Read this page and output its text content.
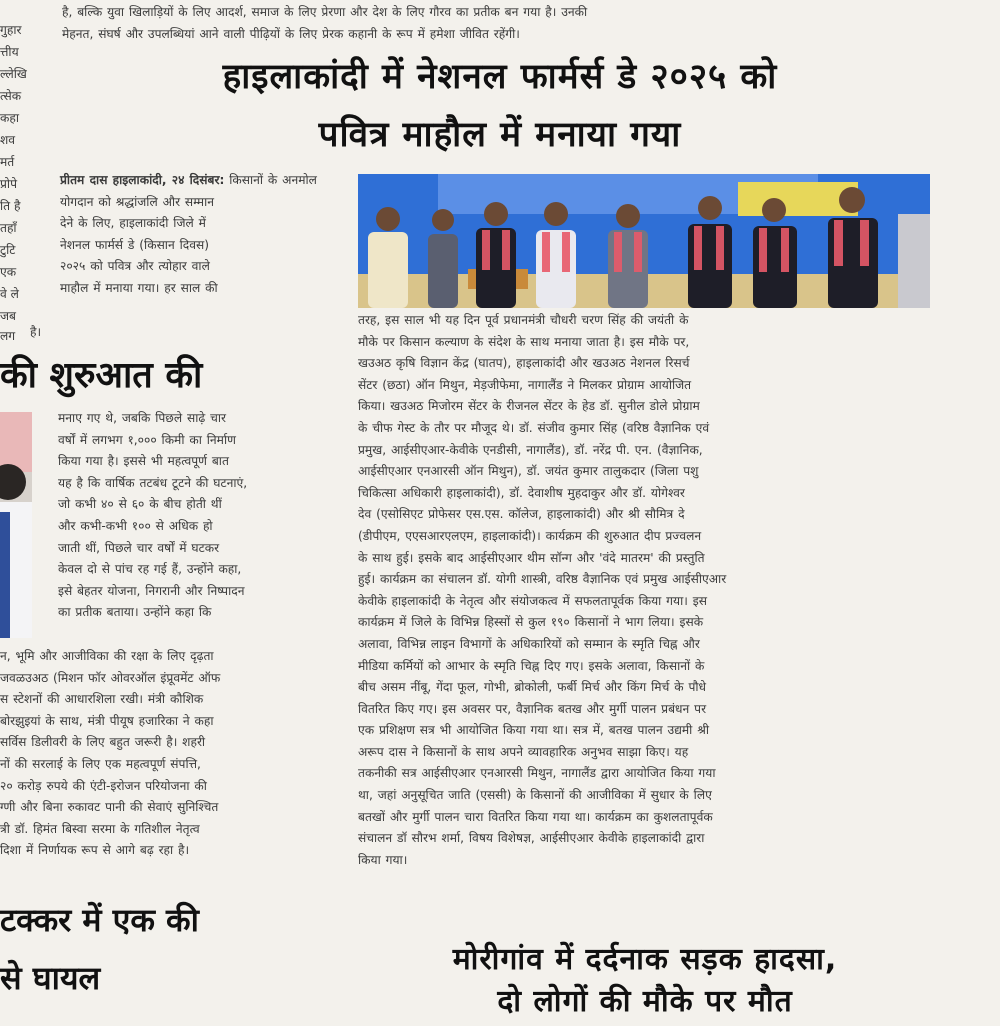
है, बल्कि युवा खिलाड़ियों के लिए आदर्श, समाज के लिए प्रेरणा और देश के लिए गौरव का प्रतीक बन गया है। उनकी
मेहनत, संघर्ष और उपलब्धियां आने वाली पीढ़ियों के लिए प्रेरक कहानी के रूप में हमेशा जीवित रहेंगी।
गुहार
त्तीय
ल्लेखि
त्सेक
कहा
शव
मर्त
प्रोपे
ति है
तहाँ
टुटि
एक
वे ले
जब
लग है।
हाइलाकांदी में नेशनल फार्मर्स डे २०२५ को
पवित्र माहौल में मनाया गया
प्रीतम दास हाइलाकांदी, २४ दिसंबर: किसानों के अनमोल
योगदान को श्रद्धांजलि और सम्मान
देने के लिए, हाइलाकांदी जिले में
नेशनल फार्मर्स डे (किसान दिवस)
२०२५ को पवित्र और त्योहार वाले
माहौल में मनाया गया। हर साल की
तरह, इस साल भी यह दिन पूर्व प्रधानमंत्री चौधरी चरण सिंह की जयंती के
मौके पर किसान कल्याण के संदेश के साथ मनाया जाता है। इस मौके पर,
खउअठ कृषि विज्ञान केंद्र (घातप), हाइलाकांदी और खउअठ नेशनल रिसर्च
सेंटर (छठा) ऑन मिथुन, मेड़जीफेमा, नागालैंड ने मिलकर प्रोग्राम आयोजित
किया। खउअठ मिजोरम सेंटर के रीजनल सेंटर के हेड डॉ. सुनील डोले प्रोग्राम
के चीफ गेस्ट के तौर पर मौजूद थे। डॉ. संजीव कुमार सिंह (वरिष्ठ वैज्ञानिक एवं
प्रमुख, आईसीएआर-केवीके एनडीसी, नागालैंड), डॉ. नरेंद्र पी. एन. (वैज्ञानिक,
आईसीएआर एनआरसी ऑन मिथुन), डॉ. जयंत कुमार तालुकदार (जिला पशु
चिकित्सा अधिकारी हाइलाकांदी), डॉ. देवाशीष मुहदाकुर और डॉ. योगेश्वर
देव (एसोसिएट प्रोफेसर एस.एस. कॉलेज, हाइलाकांदी) और श्री सौमित्र दे
(डीपीएम, एएसआरएलएम, हाइलाकांदी)। कार्यक्रम की शुरुआत दीप प्रज्वलन
के साथ हुई। इसके बाद आईसीएआर थीम सॉन्ग और 'वंदे मातरम' की प्रस्तुति
हुई। कार्यक्रम का संचालन डॉ. योगी शास्त्री, वरिष्ठ वैज्ञानिक एवं प्रमुख आईसीएआर
केवीके हाइलाकांदी के नेतृत्व और संयोजकत्व में सफलतापूर्वक किया गया। इस
कार्यक्रम में जिले के विभिन्न हिस्सों से कुल १९० किसानों ने भाग लिया। इसके
अलावा, विभिन्न लाइन विभागों के अधिकारियों को सम्मान के स्मृति चिह्न और
मीडिया कर्मियों को आभार के स्मृति चिह्न दिए गए। इसके अलावा, किसानों के
बीच असम नींबू, गेंदा फूल, गोभी, ब्रोकोली, फर्बी मिर्च और किंग मिर्च के पौधे
वितरित किए गए। इस अवसर पर, वैज्ञानिक बतख और मुर्गी पालन प्रबंधन पर
एक प्रशिक्षण सत्र भी आयोजित किया गया था। सत्र में, बतख पालन उद्यमी श्री
अरूप दास ने किसानों के साथ अपने व्यावहारिक अनुभव साझा किए। यह
तकनीकी सत्र आईसीएआर एनआरसी मिथुन, नागालैंड द्वारा आयोजित किया गया
था, जहां अनुसूचित जाति (एससी) के किसानों की आजीविका में सुधार के लिए
बतखों और मुर्गी पालन चारा वितरित किया गया था। कार्यक्रम का कुशलतापूर्वक
संचालन डॉ सौरभ शर्मा, विषय विशेषज्ञ, आईसीएआर केवीके हाइलाकांदी द्वारा
किया गया।
की शुरुआत की
मनाए गए थे, जबकि पिछले साढ़े चार
वर्षों में लगभग १,००० किमी का निर्माण
किया गया है। इससे भी महत्वपूर्ण बात
यह है कि वार्षिक तटबंध टूटने की घटनाएं,
जो कभी ४० से ६० के बीच होती थीं
और कभी-कभी १०० से अधिक हो
जाती थीं, पिछले चार वर्षों में घटकर
केवल दो से पांच रह गई हैं, उन्होंने कहा,
इसे बेहतर योजना, निगरानी और निष्पादन
का प्रतीक बताया। उन्होंने कहा कि
न, भूमि और आजीविका की रक्षा के लिए दृढ़ता
जवळउअठ (मिशन फॉर ओवरऑल इंप्रूवमेंट ऑफ
स स्टेशनों की आधारशिला रखी। मंत्री कौशिक
बोरझुइयां के साथ, मंत्री पीयूष हजारिका ने कहा
सर्विस डिलीवरी के लिए बहुत जरूरी है। शहरी
नों की सरलाई के लिए एक महत्वपूर्ण संपत्ति,
२० करोड़ रुपये की एंटी-इरोजन परियोजना की
ग्णी और बिना रुकावट पानी की सेवाएं सुनिश्चित
त्री डॉ. हिमंत बिस्वा सरमा के गतिशील नेतृत्व
दिशा में निर्णायक रूप से आगे बढ़ रहा है।
टक्कर में एक की
से घायल	मोरीगांव में दर्दनाक सड़क हादसा,
दो लोगों की मौके पर मौत
